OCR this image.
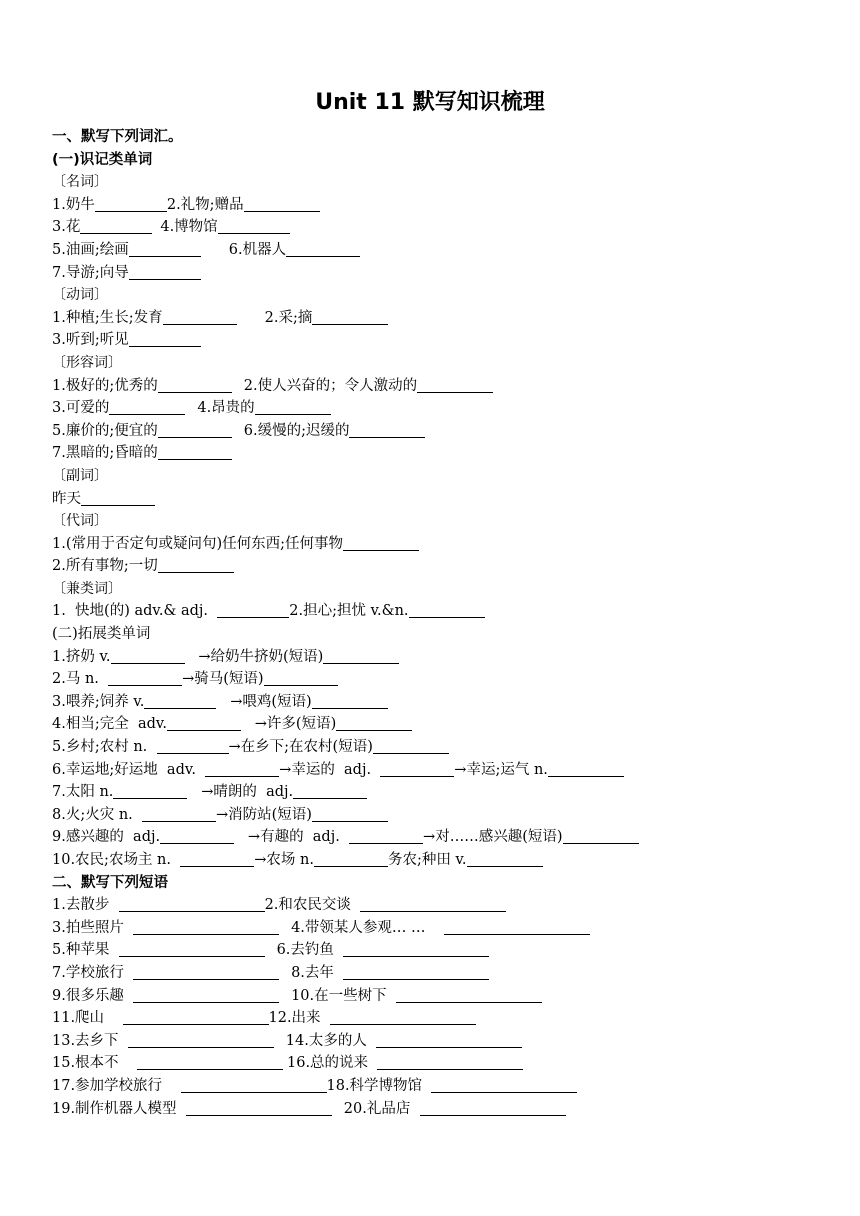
Unit 11 默写知识梳理
一、默写下列词汇。
(一)识记类单词
〔名词〕
1.奶牛	2.礼物;赠品
3.花	4.博物馆
5.油画;绘画	6.机器人
7.导游;向导
〔动词〕
1.种植;生长;发育	2.采;摘
3.听到;听见
〔形容词〕
1.极好的;优秀的	2.使人兴奋的；令人激动的
3.可爱的	4.昂贵的
5.廉价的;便宜的	6.缓慢的;迟缓的
7.黑暗的;昏暗的
〔副词〕
昨天
〔代词〕
1.(常用于否定句或疑问句)任何东西;任何事物
2.所有事物;一切
〔兼类词〕
1.  快地(的) adv.& adj.	2.担心;担忧 v.&n.
(二)拓展类单词
1.挤奶 v.	→给奶牛挤奶(短语)
2.马 n.	→骑马(短语)
3.喂养;饲养 v.	→喂鸡(短语)
4.相当;完全  adv.	→许多(短语)
5.乡村;农村 n.	→在乡下;在农村(短语)
6.幸运地;好运地  adv.	→幸运的  adj.	→幸运;运气 n.
7.太阳 n.	→晴朗的  adj.
8.火;火灾 n.	→消防站(短语)
9.感兴趣的  adj.	→有趣的  adj.	→对……感兴趣(短语)
10.农民;农场主 n.	→农场 n.	务农;种田 v.
二、默写下列短语
1.去散步	2.和农民交谈
3.拍些照片	4.带领某人参观… …
5.种苹果	6.去钓鱼
7.学校旅行	8.去年
9.很多乐趣	10.在一些树下
11.爬山	12.出来
13.去乡下	14.太多的人
15.根本不	16.总的说来
17.参加学校旅行	18.科学博物馆
19.制作机器人模型	20.礼品店
